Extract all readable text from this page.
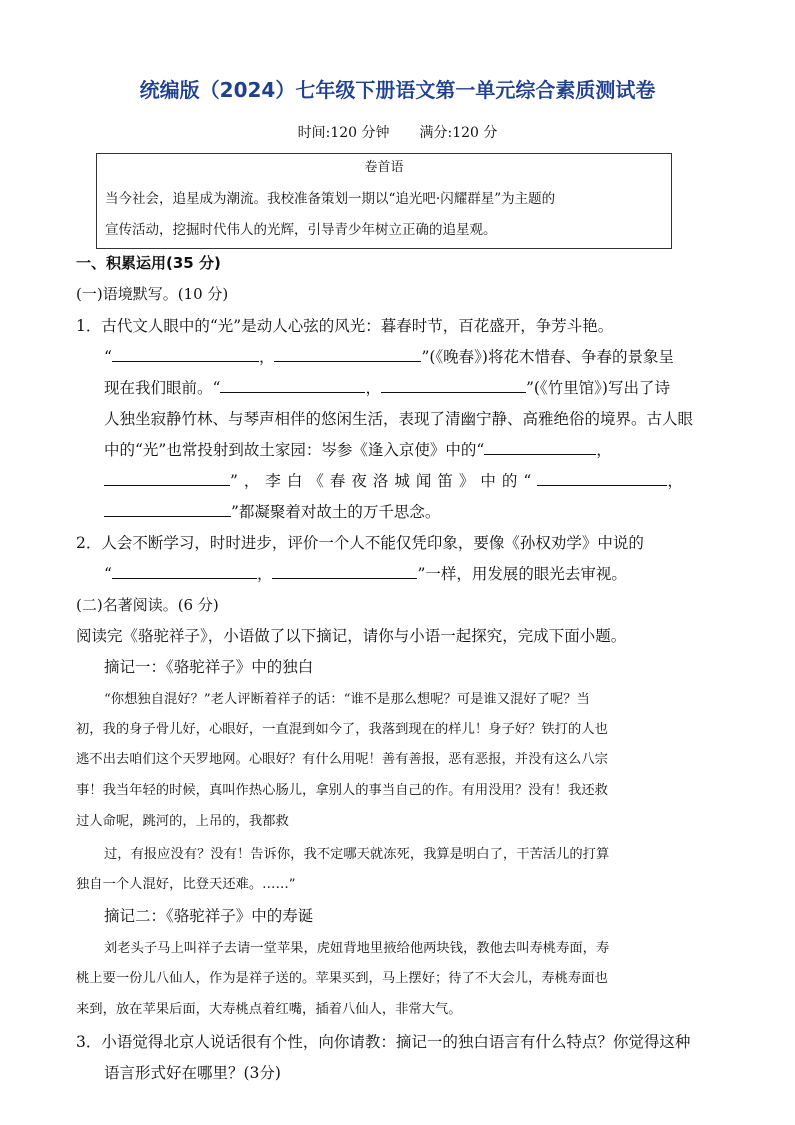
统编版（2024）七年级下册语文第一单元综合素质测试卷
时间:120 分钟 满分:120 分
卷首语
当今社会，追星成为潮流。我校准备策划一期以“追光吧·闪耀群星”为主题的
宣传活动，挖掘时代伟人的光辉，引导青少年树立正确的追星观。
一、积累运用(35 分)
(一)语境默写。(10 分)
1．古代文人眼中的“光”是动人心弦的风光：暮春时节，百花盛开，争芳斗艳。
“	，	”(《晚春》)将花木惜春、争春的景象呈
现在我们眼前。“	，	”(《竹里馆》)写出了诗
人独坐寂静竹林、与琴声相伴的悠闲生活，表现了清幽宁静、高雅绝俗的境界。古人眼
中的“光”也常投射到故土家园：岑参《逢入京使》中的“	，
”，李白《春夜洛城闻笛》中的“	，
”都凝聚着对故土的万千思念。
2．人会不断学习，时时进步，评价一个人不能仅凭印象，要像《孙权劝学》中说的
“	，	”一样，用发展的眼光去审视。
(二)名著阅读。(6 分)
阅读完《骆驼祥子》，小语做了以下摘记，请你与小语一起探究，完成下面小题。
摘记一：《骆驼祥子》中的独白
“你想独自混好？”老人评断着祥子的话：“谁不是那么想呢？可是谁又混好了呢？当
初，我的身子骨儿好，心眼好，一直混到如今了，我落到现在的样儿！身子好？铁打的人也
逃不出去咱们这个天罗地网。心眼好？有什么用呢！善有善报，恶有恶报，并没有这么八宗
事！我当年轻的时候，真叫作热心肠儿，拿别人的事当自己的作。有用没用？没有！我还救
过人命呢，跳河的，上吊的，我都救
过，有报应没有？没有！告诉你，我不定哪天就冻死，我算是明白了，干苦活儿的打算
独自一个人混好，比登天还难。……”
摘记二：《骆驼祥子》中的寿诞
刘老头子马上叫祥子去请一堂苹果，虎妞背地里掖给他两块钱，教他去叫寿桃寿面，寿
桃上要一份儿八仙人，作为是祥子送的。苹果买到，马上摆好；待了不大会儿，寿桃寿面也
来到，放在苹果后面，大寿桃点着红嘴，插着八仙人，非常大气。
3．小语觉得北京人说话很有个性，向你请教：摘记一的独白语言有什么特点？你觉得这种
语言形式好在哪里？(3分)
